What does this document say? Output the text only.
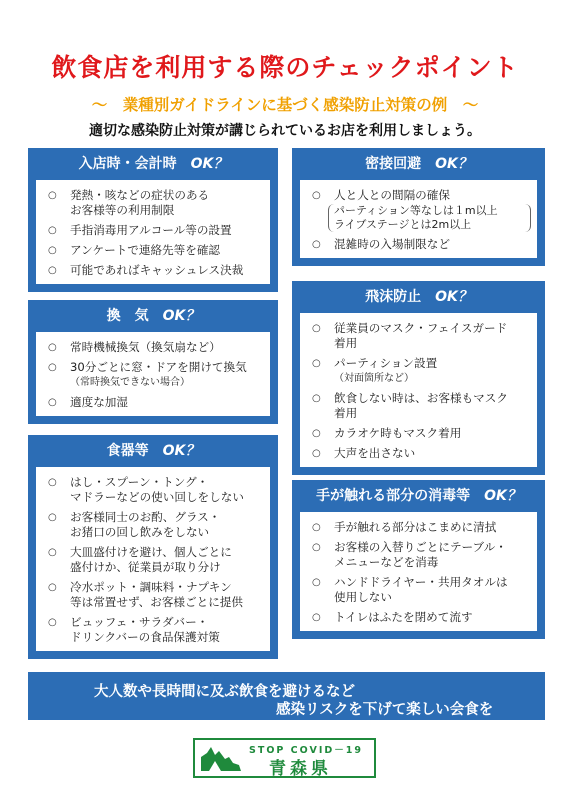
飲食店を利用する際のチェックポイント
～　業種別ガイドラインに基づく感染防止対策の例　～
適切な感染防止対策が講じられているお店を利用しましょう。
入店時・会計時 OK？
○	発熱・咳などの症状のある
お客様等の利用制限
○	手指消毒用アルコール等の設置
○	アンケートで連絡先等を確認
○	可能であればキャッシュレス決裁
換　気 OK？
○	常時機械換気（換気扇など）
○	30分ごとに窓・ドアを開けて換気
（常時換気できない場合）
○	適度な加湿
食器等 OK？
○	はし・スプーン・トング・
マドラーなどの使い回しをしない
○	お客様同士のお酌、グラス・
お猪口の回し飲みをしない
○	大皿盛付けを避け、個人ごとに
盛付けか、従業員が取り分け
○	冷水ポット・調味料・ナプキン
等は常置せず、お客様ごとに提供
○	ビュッフェ・サラダバー・
ドリンクバーの食品保護対策
密接回避 OK？
○	人と人との間隔の確保
パーティション等なしは１m以上
ライブステージとは2m以上
○	混雑時の入場制限など
飛沫防止 OK？
○	従業員のマスク・フェイスガード
着用
○	パーティション設置
（対面箇所など）
○	飲食しない時は、お客様もマスク
着用
○	カラオケ時もマスク着用
○	大声を出さない
手が触れる部分の消毒等 OK？
○	手が触れる部分はこまめに清拭
○	お客様の入替りごとにテーブル・
メニューなどを消毒
○	ハンドドライヤー・共用タオルは
使用しない
○	トイレはふたを閉めて流す
大人数や長時間に及ぶ飲食を避けるなど
感染リスクを下げて楽しい会食を
STOP COVID－19
青森県
